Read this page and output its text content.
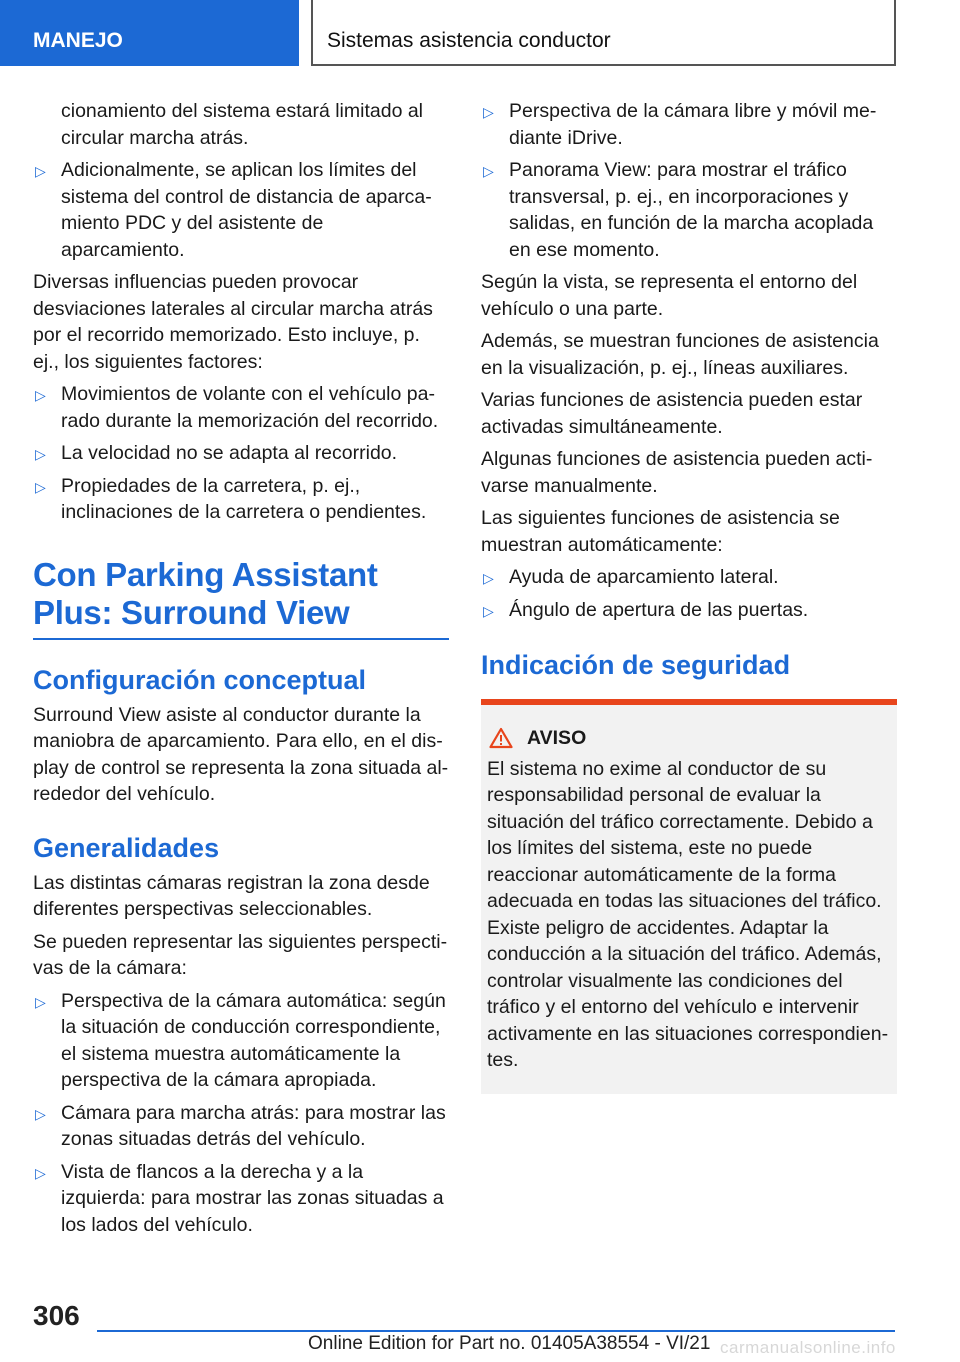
MANEJO	Sistemas asistencia conductor

cionamiento del sistema estará limitado al circular marcha atrás.

▷ Adicionalmente, se aplican los límites del sistema del control de distancia de aparcamiento PDC y del asistente de aparcamiento.

Diversas influencias pueden provocar desviaciones laterales al circular marcha atrás por el recorrido memorizado. Esto incluye, p. ej., los siguientes factores:

▷ Movimientos de volante con el vehículo parado durante la memorización del recorrido.
▷ La velocidad no se adapta al recorrido.
▷ Propiedades de la carretera, p. ej., inclinaciones de la carretera o pendientes.
Con Parking Assistant Plus: Surround View
Configuración conceptual

Surround View asiste al conductor durante la maniobra de aparcamiento. Para ello, en el display de control se representa la zona situada alrededor del vehículo.

Generalidades

Las distintas cámaras registran la zona desde diferentes perspectivas seleccionables.

Se pueden representar las siguientes perspectivas de la cámara:

▷ Perspectiva de la cámara automática: según la situación de conducción correspondiente, el sistema muestra automáticamente la perspectiva de la cámara apropiada.
▷ Cámara para marcha atrás: para mostrar las zonas situadas detrás del vehículo.
▷ Vista de flancos a la derecha y a la izquierda: para mostrar las zonas situadas a los lados del vehículo.
▷ Perspectiva de la cámara libre y móvil mediante iDrive.
▷ Panorama View: para mostrar el tráfico transversal, p. ej., en incorporaciones y salidas, en función de la marcha acoplada en ese momento.

Según la vista, se representa el entorno del vehículo o una parte.

Además, se muestran funciones de asistencia en la visualización, p. ej., líneas auxiliares.

Varias funciones de asistencia pueden estar activadas simultáneamente.

Algunas funciones de asistencia pueden activarse manualmente.

Las siguientes funciones de asistencia se muestran automáticamente:

▷ Ayuda de aparcamiento lateral.
▷ Ángulo de apertura de las puertas.
Indicación de seguridad
AVISO
El sistema no exime al conductor de su responsabilidad personal de evaluar la situación del tráfico correctamente. Debido a los límites del sistema, este no puede reaccionar automáticamente de la forma adecuada en todas las situaciones del tráfico. Existe peligro de accidentes. Adaptar la conducción a la situación del tráfico. Además, controlar visualmente las condiciones del tráfico y el entorno del vehículo e intervenir activamente en las situaciones correspondientes.
306
Online Edition for Part no. 01405A38554 - VI/21 carmanualsonline.info
